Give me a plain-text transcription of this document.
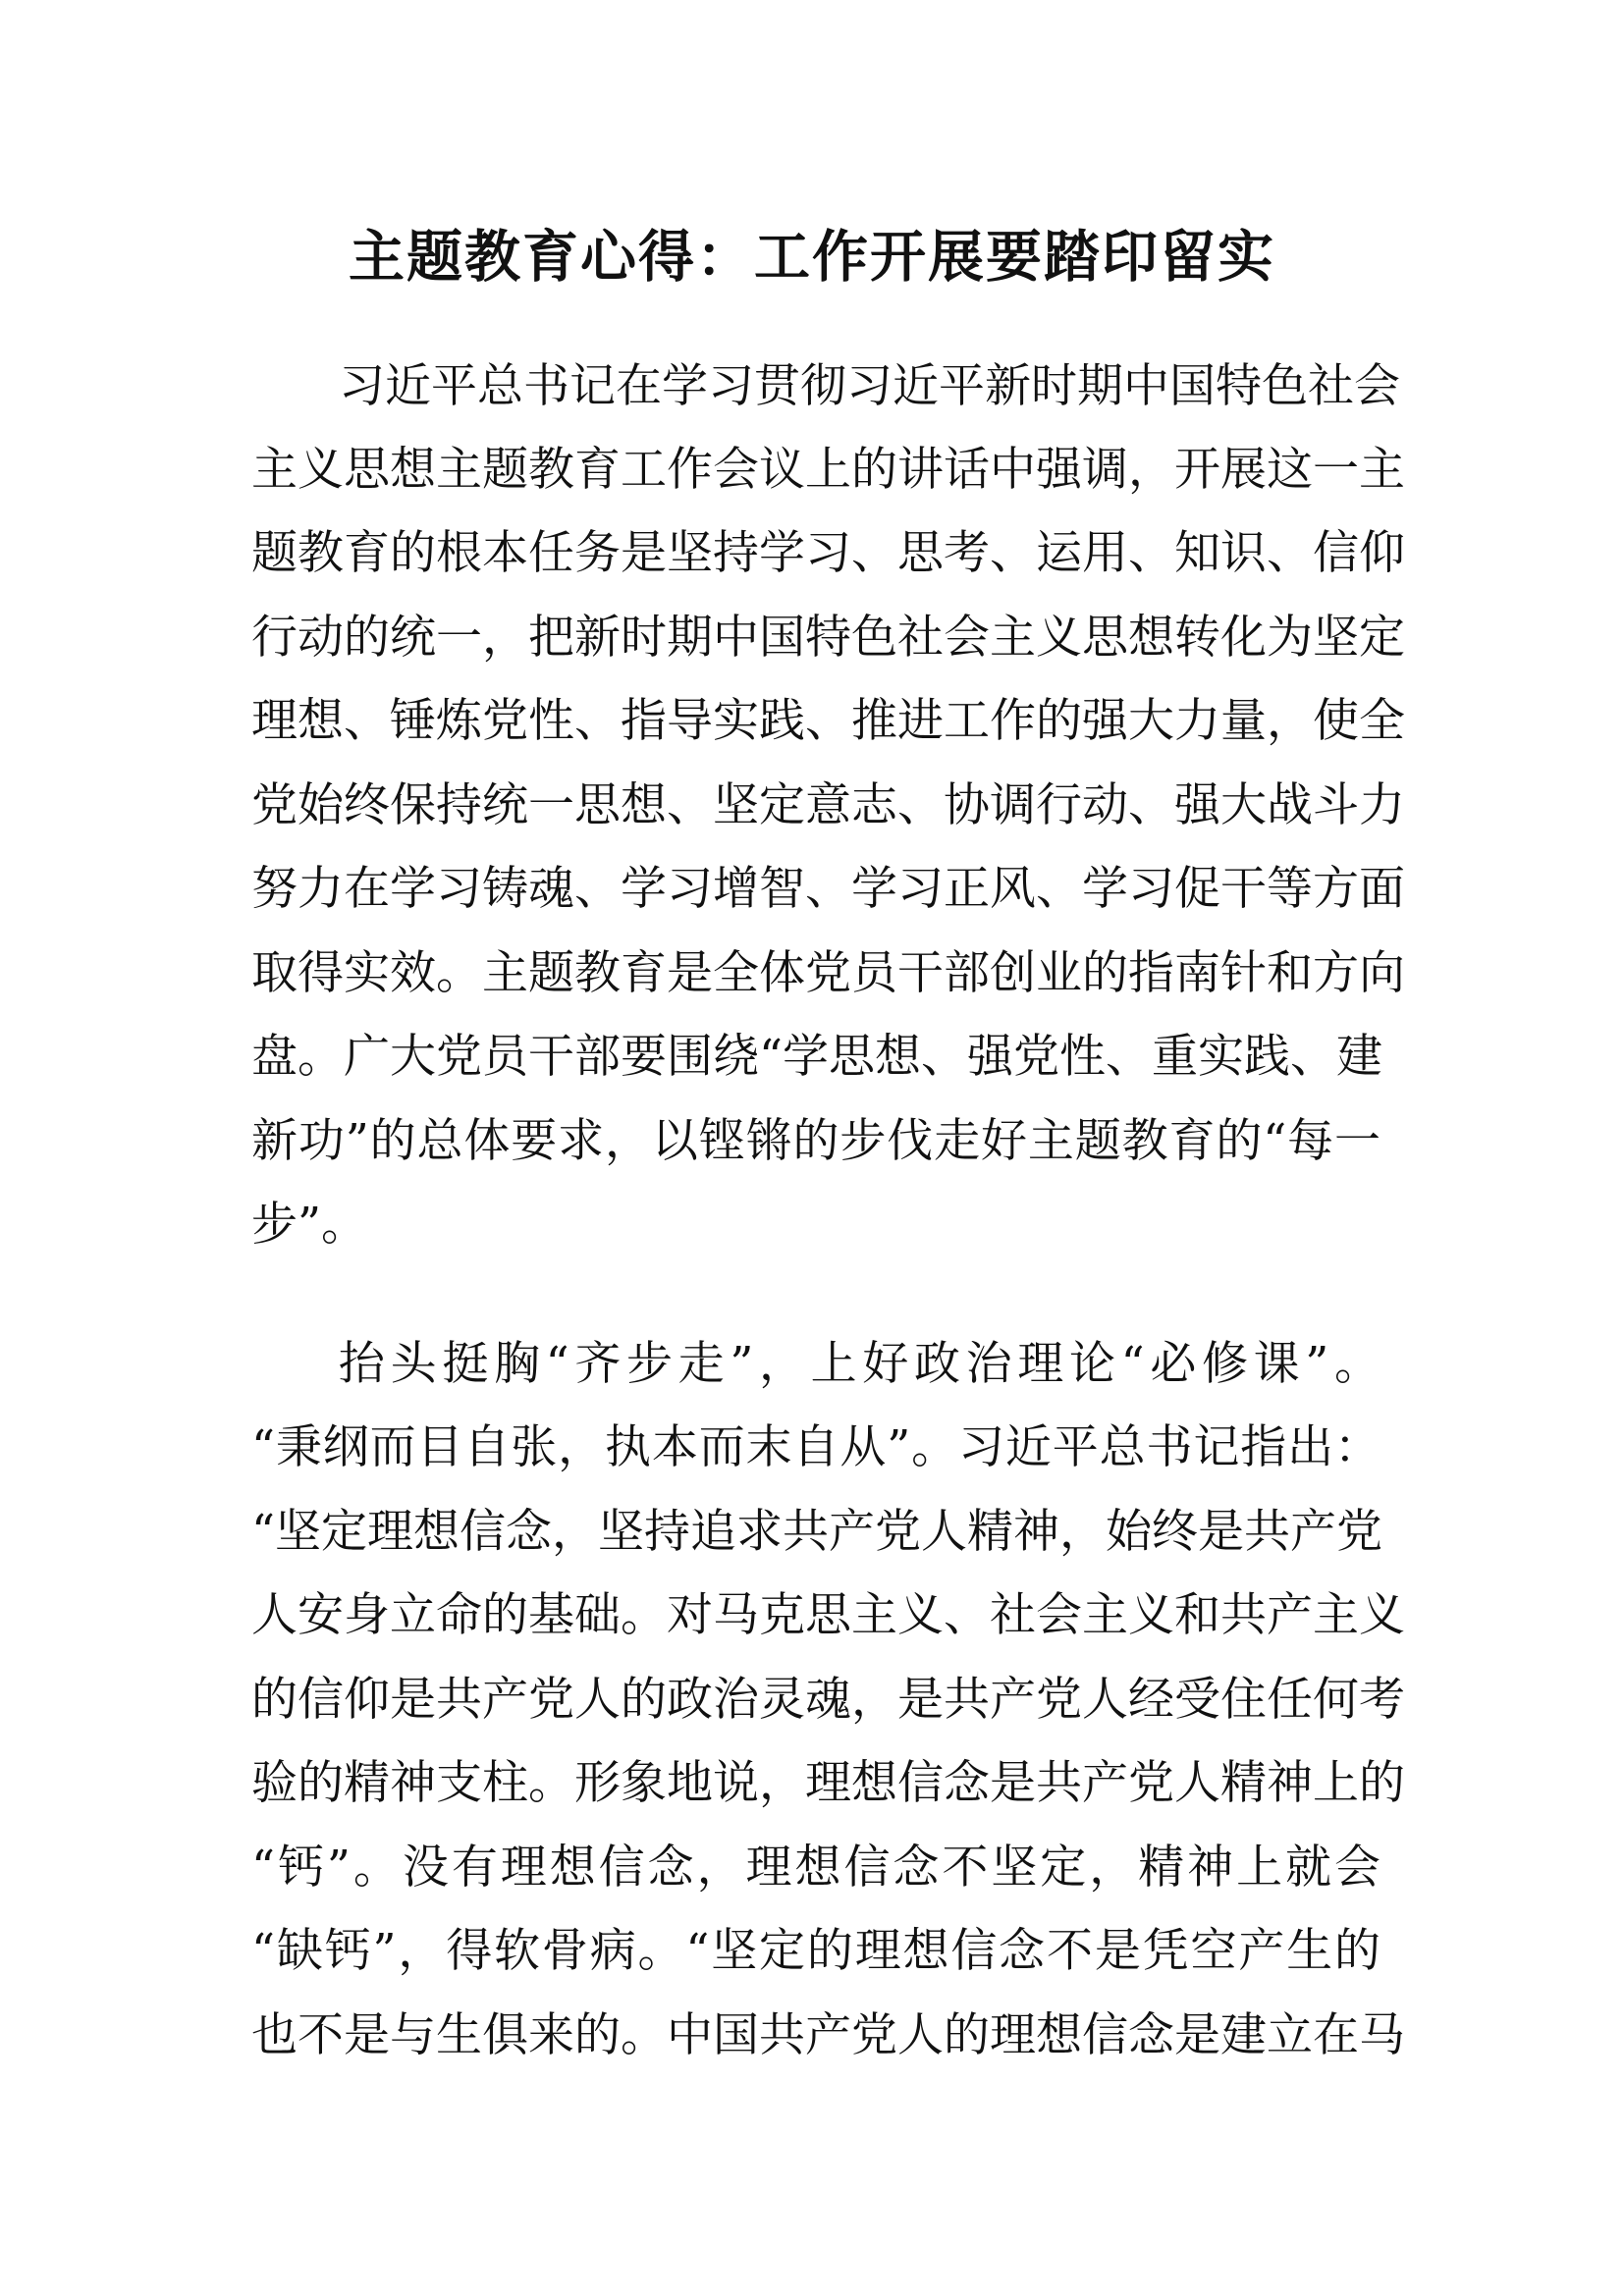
主题教育心得：工作开展要踏印留实
习近平总书记在学习贯彻习近平新时期中国特色社会
主义思想主题教育工作会议上的讲话中强调，开展这一主
题教育的根本任务是坚持学习、思考、运用、知识、信仰
行动的统一，把新时期中国特色社会主义思想转化为坚定
理想、锤炼党性、指导实践、推进工作的强大力量，使全
党始终保持统一思想、坚定意志、协调行动、强大战斗力
努力在学习铸魂、学习增智、学习正风、学习促干等方面
取得实效。主题教育是全体党员干部创业的指南针和方向
盘。广大党员干部要围绕“学思想、强党性、重实践、建
新功”的总体要求，以铿锵的步伐走好主题教育的“每一
步”。
抬头挺胸“齐步走”，上好政治理论“必修课”。
“秉纲而目自张，执本而末自从”。习近平总书记指出：
“坚定理想信念，坚持追求共产党人精神，始终是共产党
人安身立命的基础。对马克思主义、社会主义和共产主义
的信仰是共产党人的政治灵魂，是共产党人经受住任何考
验的精神支柱。形象地说，理想信念是共产党人精神上的
“钙”。没有理想信念，理想信念不坚定，精神上就会
“缺钙”，得软骨病。“坚定的理想信念不是凭空产生的
也不是与生俱来的。中国共产党人的理想信念是建立在马
